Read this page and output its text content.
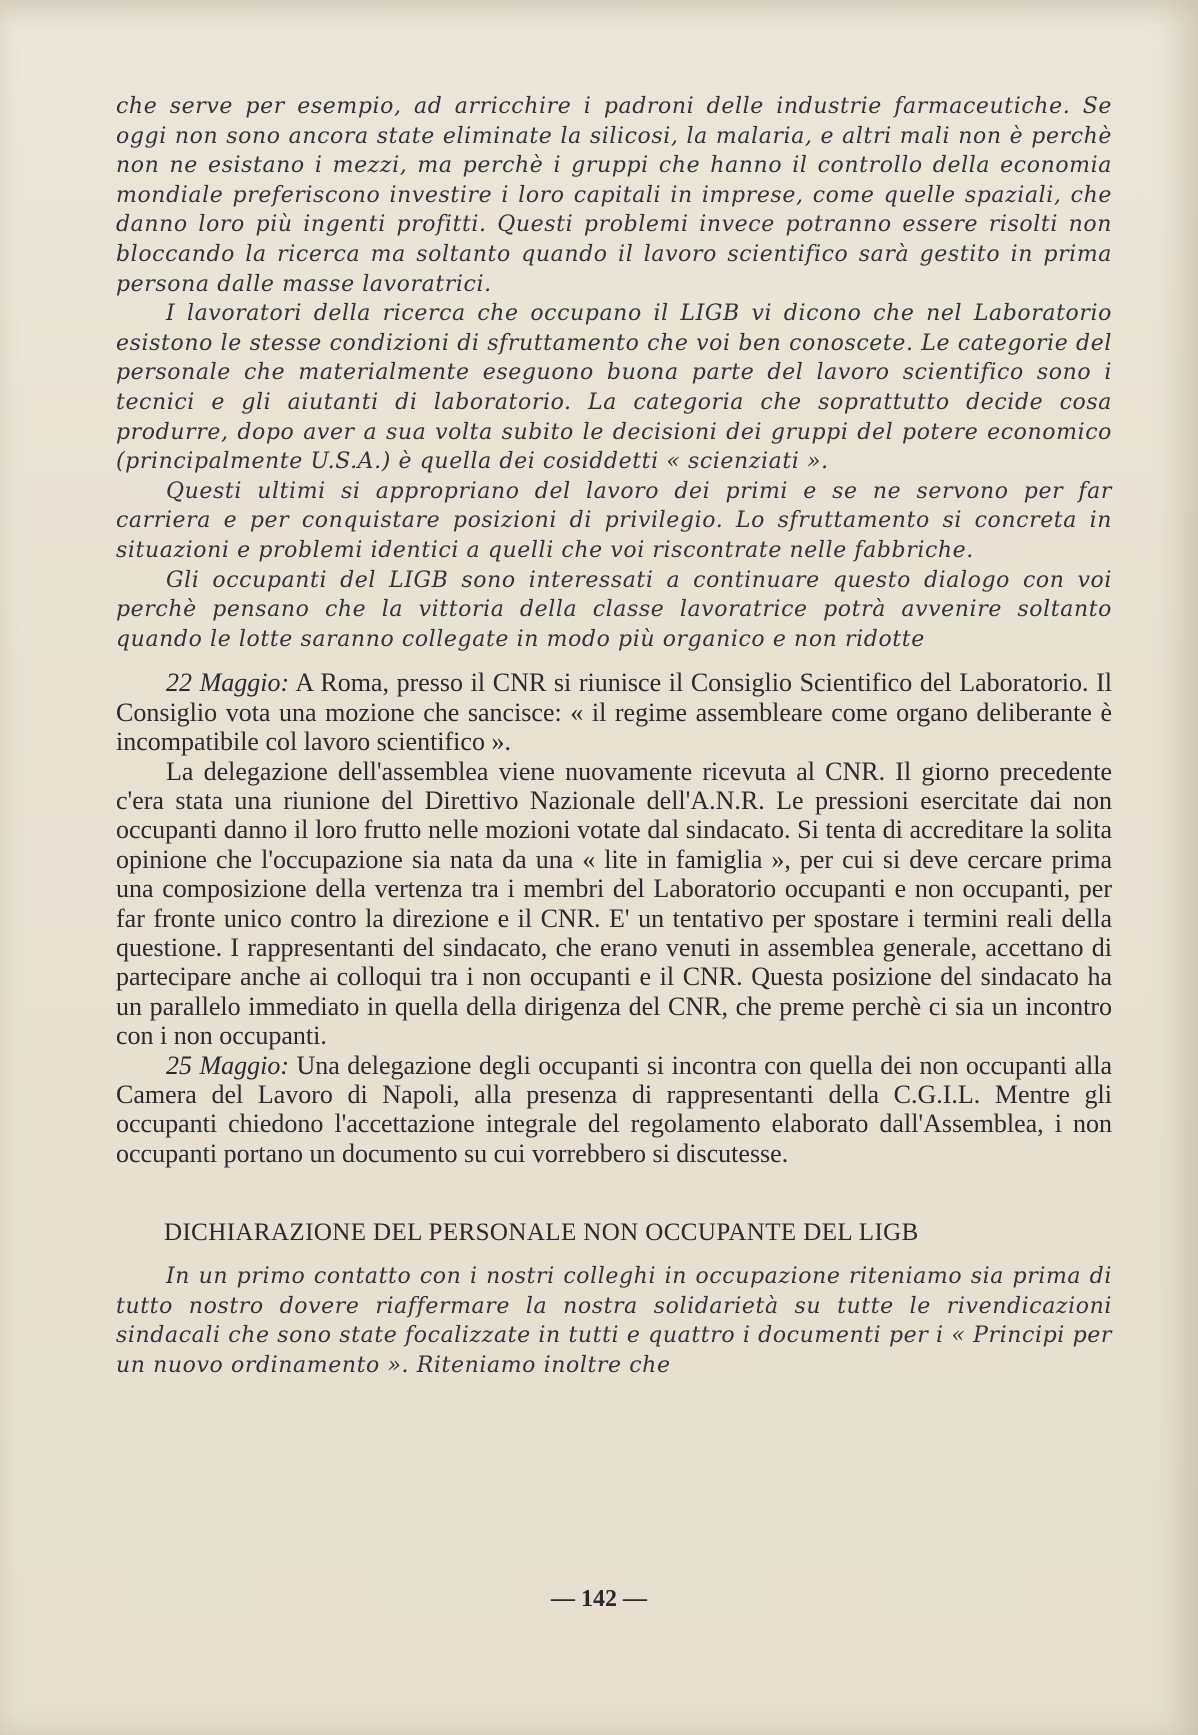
che serve per esempio, ad arricchire i padroni delle industrie farmaceutiche. Se oggi non sono ancora state eliminate la silicosi, la malaria, e altri mali non è perchè non ne esistano i mezzi, ma perchè i gruppi che hanno il controllo della economia mondiale preferiscono investire i loro capitali in imprese, come quelle spaziali, che danno loro più ingenti profitti. Questi problemi invece potranno essere risolti non bloccando la ricerca ma soltanto quando il lavoro scientifico sarà gestito in prima persona dalle masse lavoratrici.

I lavoratori della ricerca che occupano il LIGB vi dicono che nel Laboratorio esistono le stesse condizioni di sfruttamento che voi ben conoscete. Le categorie del personale che materialmente eseguono buona parte del lavoro scientifico sono i tecnici e gli aiutanti di laboratorio. La categoria che soprattutto decide cosa produrre, dopo aver a sua volta subito le decisioni dei gruppi del potere economico (principalmente U.S.A.) è quella dei cosiddetti « scienziati ».

Questi ultimi si appropriano del lavoro dei primi e se ne servono per far carriera e per conquistare posizioni di privilegio. Lo sfruttamento si concreta in situazioni e problemi identici a quelli che voi riscontrate nelle fabbriche.

Gli occupanti del LIGB sono interessati a continuare questo dialogo con voi perchè pensano che la vittoria della classe lavoratrice potrà avvenire soltanto quando le lotte saranno collegate in modo più organico e non ridotte

22 Maggio: A Roma, presso il CNR si riunisce il Consiglio Scientifico del Laboratorio. Il Consiglio vota una mozione che sancisce: « il regime assembleare come organo deliberante è incompatibile col lavoro scientifico ».

La delegazione dell'assemblea viene nuovamente ricevuta al CNR. Il giorno precedente c'era stata una riunione del Direttivo Nazionale dell'A.N.R. Le pressioni esercitate dai non occupanti danno il loro frutto nelle mozioni votate dal sindacato. Si tenta di accreditare la solita opinione che l'occupazione sia nata da una « lite in famiglia », per cui si deve cercare prima una composizione della vertenza tra i membri del Laboratorio occupanti e non occupanti, per far fronte unico contro la direzione e il CNR. E' un tentativo per spostare i termini reali della questione. I rappresentanti del sindacato, che erano venuti in assemblea generale, accettano di partecipare anche ai colloqui tra i non occupanti e il CNR. Questa posizione del sindacato ha un parallelo immediato in quella della dirigenza del CNR, che preme perchè ci sia un incontro con i non occupanti.

25 Maggio: Una delegazione degli occupanti si incontra con quella dei non occupanti alla Camera del Lavoro di Napoli, alla presenza di rappresentanti della C.G.I.L. Mentre gli occupanti chiedono l'accettazione integrale del regolamento elaborato dall'Assemblea, i non occupanti portano un documento su cui vorrebbero si discutesse.

DICHIARAZIONE DEL PERSONALE NON OCCUPANTE DEL LIGB

In un primo contatto con i nostri colleghi in occupazione riteniamo sia prima di tutto nostro dovere riaffermare la nostra solidarietà su tutte le rivendicazioni sindacali che sono state focalizzate in tutti e quattro i documenti per i « Principi per un nuovo ordinamento ». Riteniamo inoltre che

— 142 —
